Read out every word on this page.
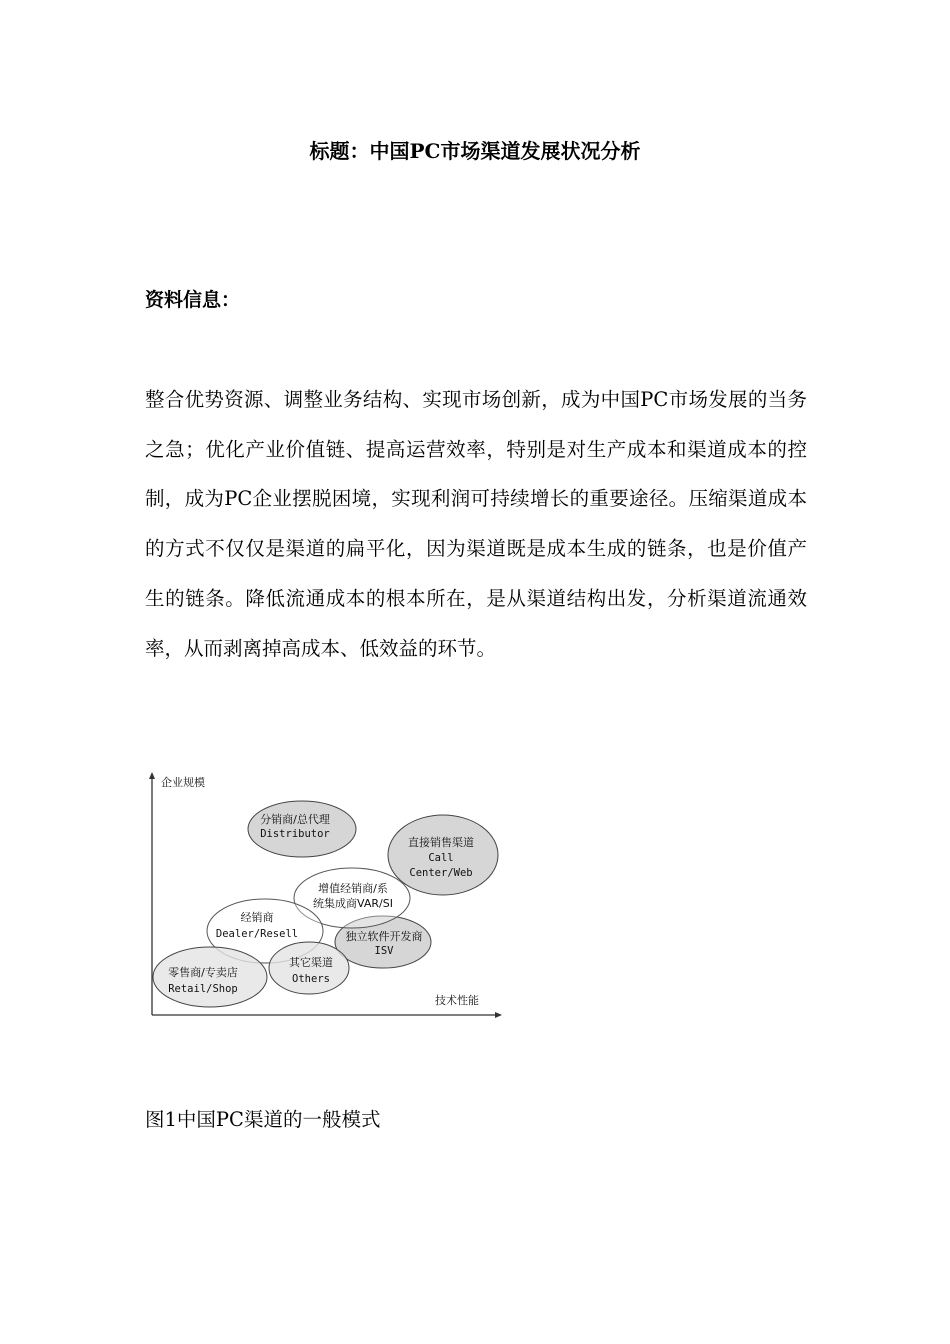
标题：中国PC市场渠道发展状况分析
资料信息：

整合优势资源、调整业务结构、实现市场创新，成为中国PC市场发展的当务之急；优化产业价值链、提高运营效率，特别是对生产成本和渠道成本的控制，成为PC企业摆脱困境，实现利润可持续增长的重要途径。压缩渠道成本的方式不仅仅是渠道的扁平化，因为渠道既是成本生成的链条，也是价值产生的链条。降低流通成本的根本所在，是从渠道结构出发，分析渠道流通效率，从而剥离掉高成本、低效益的环节。

企业规模
技术性能
分销商/总代理
Distributor
直接销售渠道
Call
Center/Web
独立软件开发商
ISV
增值经销商/系
统集成商VAR/SI
经销商
Dealer/Resell
零售商/专卖店
Retail/Shop
其它渠道
Others
图1中国PC渠道的一般模式
